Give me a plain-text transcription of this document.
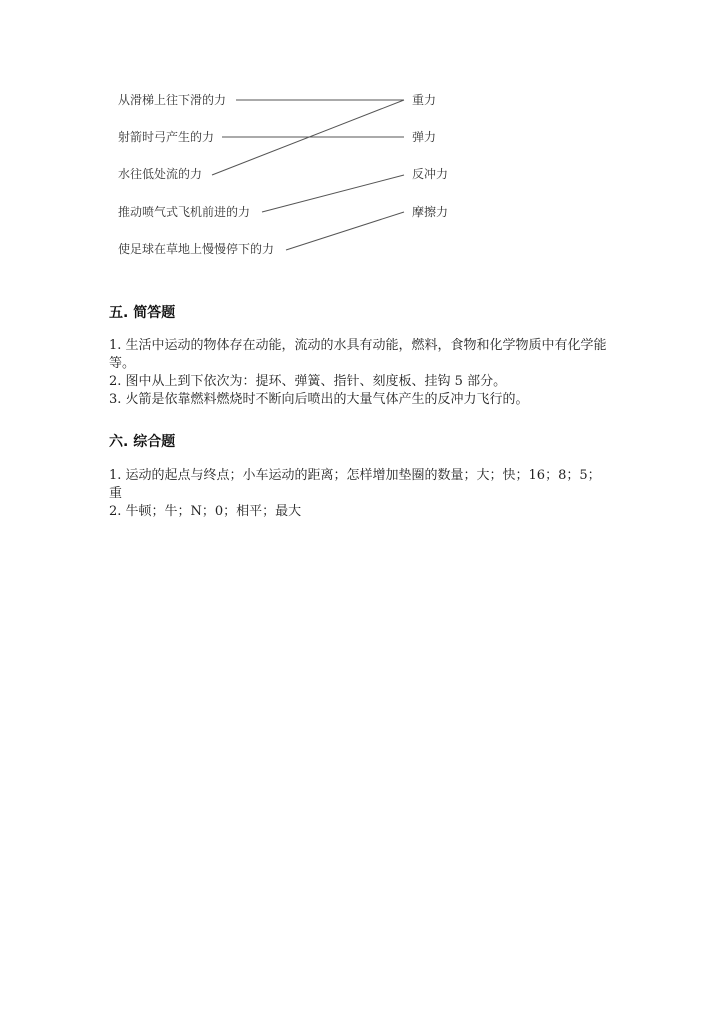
从滑梯上往下滑的力
射箭时弓产生的力
水往低处流的力
推动喷气式飞机前进的力
使足球在草地上慢慢停下的力
重力
弹力
反冲力
摩擦力
五. 简答题
1. 生活中运动的物体存在动能，流动的水具有动能，燃料，食物和化学物质中有化学能等。
2. 图中从上到下依次为：提环、弹簧、指针、刻度板、挂钩 5 部分。
3. 火箭是依靠燃料燃烧时不断向后喷出的大量气体产生的反冲力飞行的。
六. 综合题
1. 运动的起点与终点；小车运动的距离；怎样增加垫圈的数量；大；快；16；8；5；重
2. 牛顿；牛；N；0；相平；最大
